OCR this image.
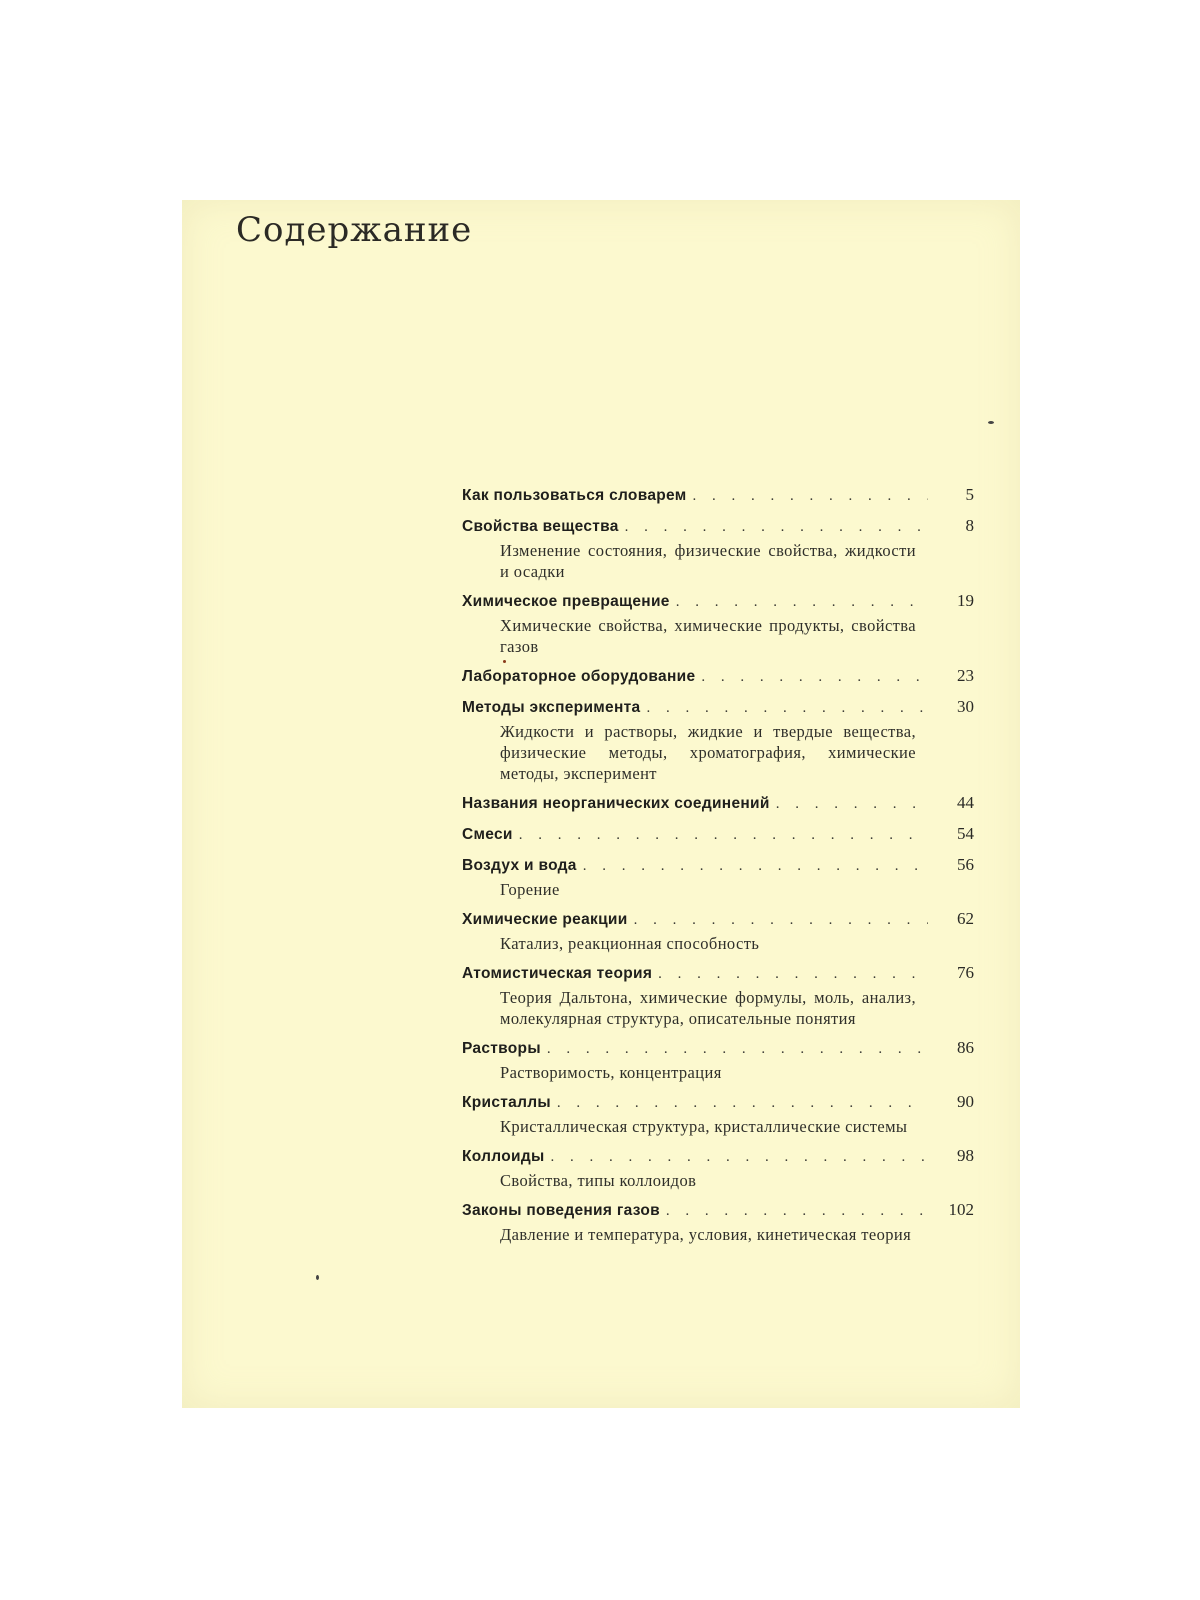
Содержание
Как пользоваться словарем . . .	5
Свойства вещества . . .	8
Изменение состояния, физические свойства, жидкости и осадки
Химическое превращение . . .	19
Химические свойства, химические продукты, свойства газов
Лабораторное оборудование . . .	23
Методы эксперимента . . .	30
Жидкости и растворы, жидкие и твердые вещества, физические методы, хроматография, химические методы, эксперимент
Названия неорганических соединений . . .	44
Смеси . . .	54
Воздух и вода . . .	56
Горение
Химические реакции . . .	62
Катализ, реакционная способность
Атомистическая теория . . .	76
Теория Дальтона, химические формулы, моль, анализ, молекулярная структура, описательные понятия
Растворы . . .	86
Растворимость, концентрация
Кристаллы . . .	90
Кристаллическая структура, кристаллические системы
Коллоиды . . .	98
Свойства, типы коллоидов
Законы поведения газов . . .	102
Давление и температура, условия, кинетическая теория
